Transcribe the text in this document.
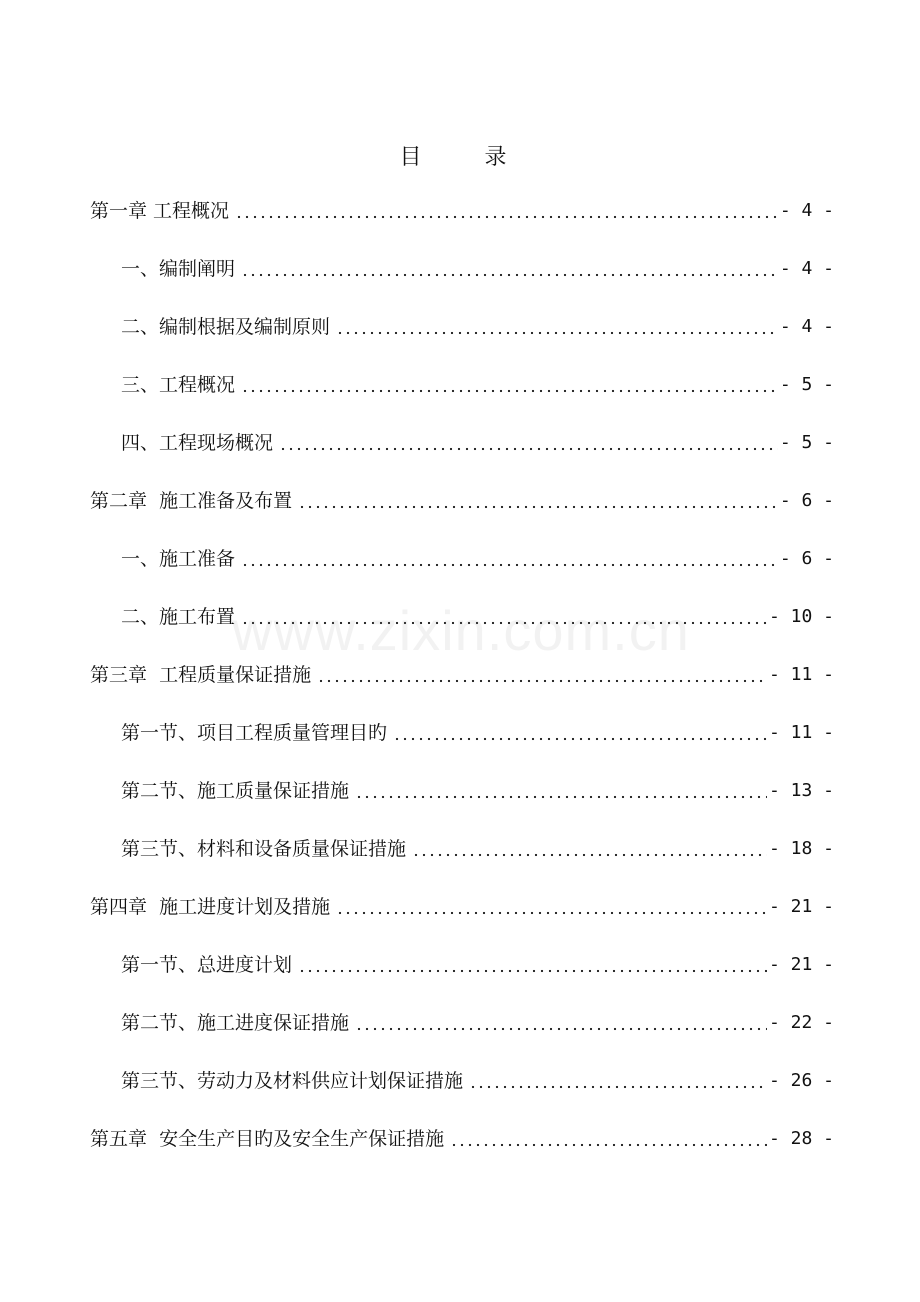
目 录
第一章 工程概况	- 4 -
一、编制阐明	- 4 -
二、编制根据及编制原则	- 4 -
三、工程概况	- 5 -
四、工程现场概况	- 5 -
第二章  施工准备及布置	- 6 -
一、施工准备	- 6 -
二、施工布置	- 10 -
第三章  工程质量保证措施	- 11 -
第一节、项目工程质量管理目旳	- 11 -
第二节、施工质量保证措施	- 13 -
第三节、材料和设备质量保证措施	- 18 -
第四章  施工进度计划及措施	- 21 -
第一节、总进度计划	- 21 -
第二节、施工进度保证措施	- 22 -
第三节、劳动力及材料供应计划保证措施	- 26 -
第五章  安全生产目旳及安全生产保证措施	- 28 -
www.zixin.com.cn
